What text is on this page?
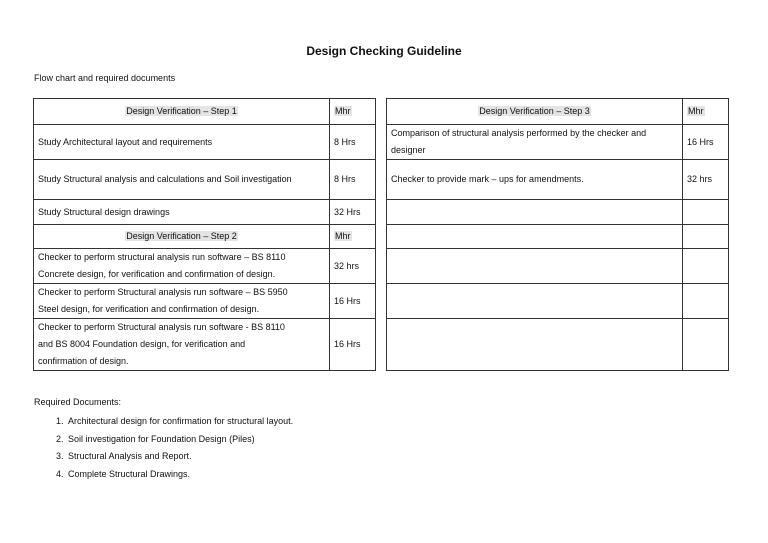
Design Checking Guideline
Flow chart and required documents
Design Verification – Step 1	Mhr
Study Architectural layout and requirements	8 Hrs
Study Structural analysis and calculations and Soil investigation	8 Hrs
Study Structural design drawings	32 Hrs
Design Verification – Step 2	Mhr

Checker to perform structural analysis run software – BS 8110
Concrete design, for verification and confirmation of design.	32 hrs

Checker to perform Structural analysis run software – BS 5950
Steel design, for verification and confirmation of design.	16 Hrs

Checker to perform Structural analysis run software - BS 8110
and BS 8004 Foundation design, for verification and
confirmation of design.	16 Hrs
Design Verification – Step 3	Mhr

Comparison of structural analysis performed by the checker and
designer	16 Hrs
Checker to provide mark – ups for amendments.	32 hrs

Required Documents:
1. Architectural design for confirmation for structural layout.
2. Soil investigation for Foundation Design (Piles)
3. Structural Analysis and Report.
4. Complete Structural Drawings.
